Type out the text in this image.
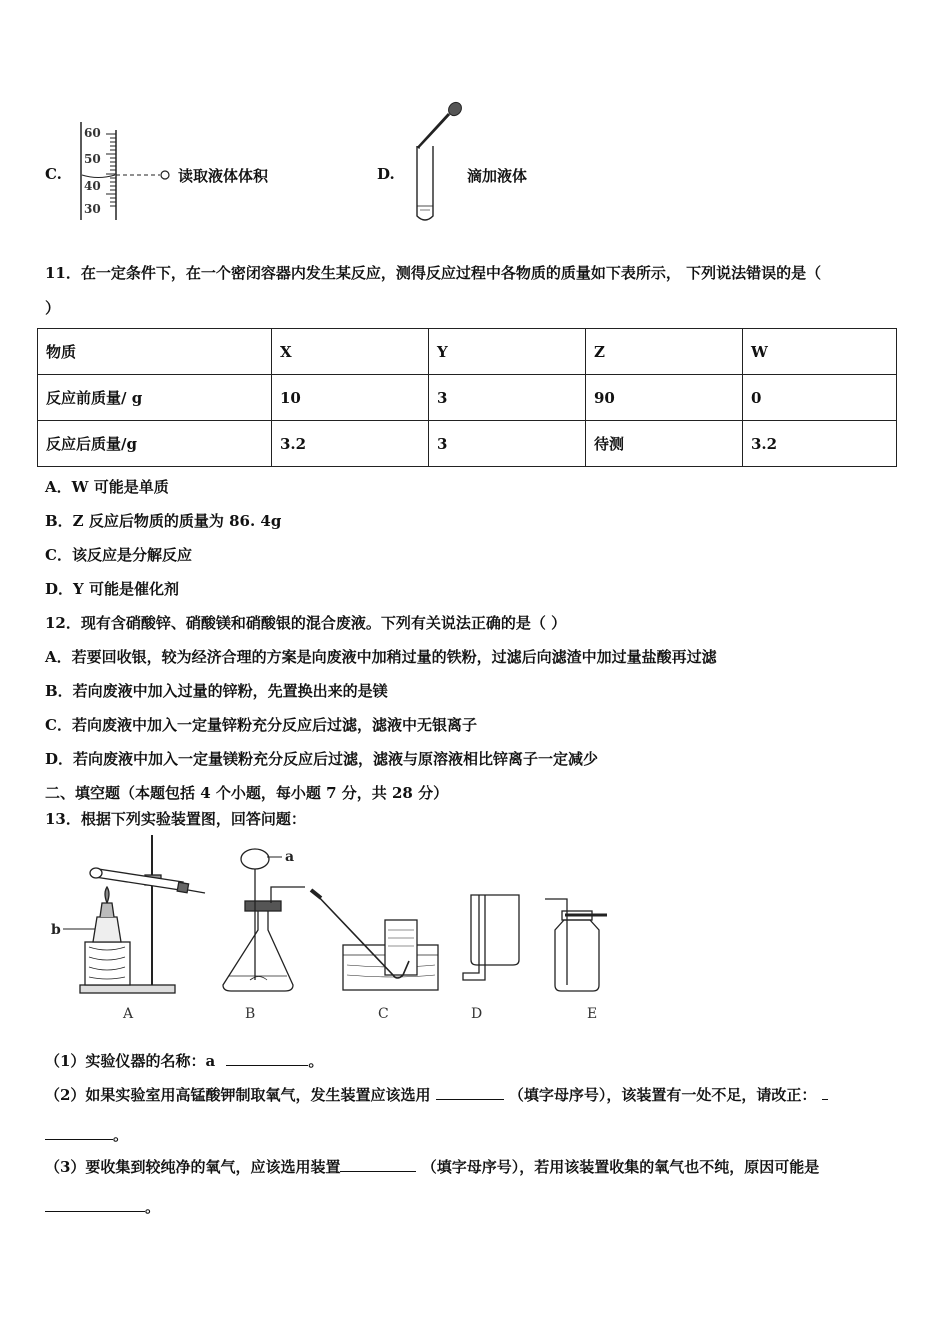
C.
60
50
40
30
读取液体体积	D.	滴加液体
11．在一定条件下，在一个密闭容器内发生某反应，测得反应过程中各物质的质量如下表所示， 下列说法错误的是（
）
物质	X	Y	Z	W
反应前质量/ g	10	3	90	0
反应后质量/g	3.2	3	待测	3.2
A．W 可能是单质
B．Z 反应后物质的质量为 86. 4g
C．该反应是分解反应
D．Y 可能是催化剂
12．现有含硝酸锌、硝酸镁和硝酸银的混合废液。下列有关说法正确的是（ ）
A．若要回收银，较为经济合理的方案是向废液中加稍过量的铁粉，过滤后向滤渣中加过量盐酸再过滤
B．若向废液中加入过量的锌粉，先置换出来的是镁
C．若向废液中加入一定量锌粉充分反应后过滤，滤液中无银离子
D．若向废液中加入一定量镁粉充分反应后过滤，滤液与原溶液相比锌离子一定减少
二、填空题（本题包括 4 个小题，每小题 7 分，共 28 分）
13．根据下列实验装置图，回答问题：
b
a
A	B	C	D	E
（1）实验仪器的名称：a	。
（2）如果实验室用高锰酸钾制取氧气，发生装置应该选用	（填字母序号），该装置有一处不足，请改正：
。
（3）要收集到较纯净的氧气，应该选用装置	（填字母序号），若用该装置收集的氧气也不纯，原因可能是
。
